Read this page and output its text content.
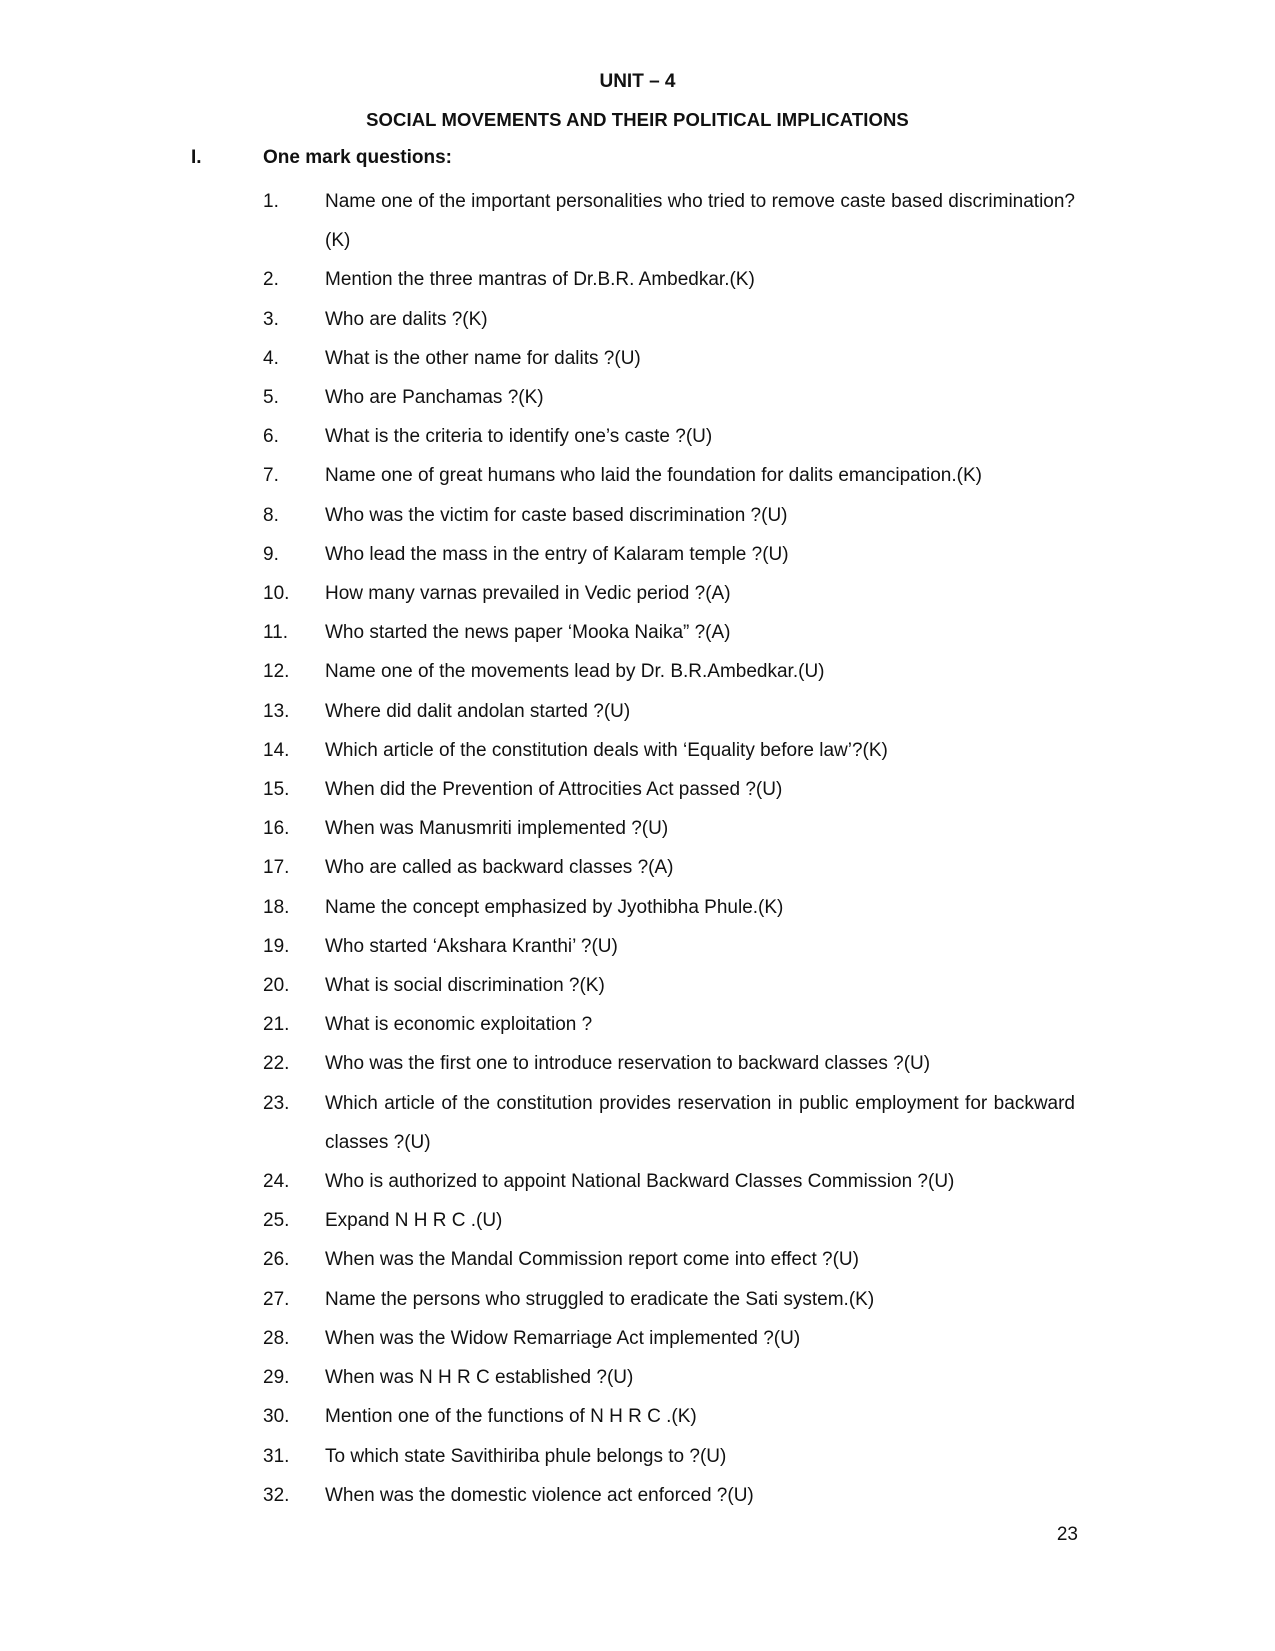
UNIT – 4
SOCIAL MOVEMENTS AND THEIR POLITICAL IMPLICATIONS
I.	One mark questions:
1. Name one of the important personalities who tried to remove caste based discrimination?(K)
2. Mention the three mantras of Dr.B.R. Ambedkar.(K)
3. Who are dalits ?(K)
4. What is the other name for dalits ?(U)
5. Who are Panchamas ?(K)
6. What is the criteria to identify one’s caste ?(U)
7. Name one of great humans who laid the foundation for dalits emancipation.(K)
8. Who was the victim for caste based discrimination ?(U)
9. Who lead the mass in the entry of Kalaram temple ?(U)
10. How many varnas prevailed in Vedic period ?(A)
11. Who started the news paper ‘Mooka Naika” ?(A)
12. Name one of the movements lead by Dr. B.R.Ambedkar.(U)
13. Where did dalit andolan started ?(U)
14. Which article of the constitution deals with ‘Equality before law’?(K)
15. When did the Prevention of Attrocities Act passed ?(U)
16. When was Manusmriti implemented ?(U)
17. Who are called as backward classes ?(A)
18. Name the concept emphasized by Jyothibha Phule.(K)
19. Who started ‘Akshara Kranthi’ ?(U)
20. What is social discrimination ?(K)
21. What is economic exploitation ?
22. Who was the first one to introduce reservation to backward classes ?(U)
23. Which article of the constitution provides reservation in public employment for backward classes ?(U)
24. Who is authorized to appoint National Backward Classes Commission ?(U)
25. Expand N H R C .(U)
26. When was the Mandal Commission report come into effect ?(U)
27. Name the persons who struggled to eradicate the Sati system.(K)
28. When was the Widow Remarriage Act implemented ?(U)
29. When was N H R C established ?(U)
30. Mention one of the functions of N H R C .(K)
31. To which state Savithiriba phule belongs to ?(U)
32. When was the domestic violence act enforced ?(U)
23
